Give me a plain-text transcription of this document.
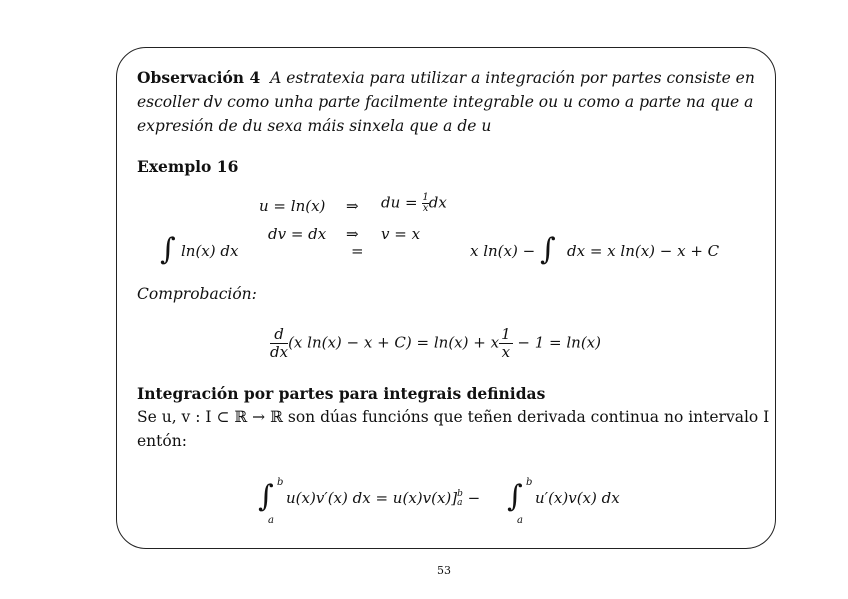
Observación 4 A estratexia para utilizar a integración por partes consiste en
escoller dv como unha parte facilmente integrable ou u como a parte na que a
expresión de du sexa máis sinxela que a de u
Exemplo 16
u = ln(x) ⇒ du = $\frac{1}{x}$ dx
dv = dx ⇒ v = x
∫ ln(x) dx	=	x ln(x) − ∫ dx = x ln(x) − x + C
Comprobación:
$\frac{d}{dx} (x$ ln(x) − x + C) = ln(x) + x $\frac{1}{x} - 1 = \ln(x)$
Integración por partes para integrais definidas
Se u, v : I ⊂ ℝ → ℝ son dúas funcións que teñen derivada continua no intervalo I
entón:
∫ b
a
u(x)v′(x) dx = u(x)v(x)] b
a − ∫ b
a
u′(x)v(x) dx
53
